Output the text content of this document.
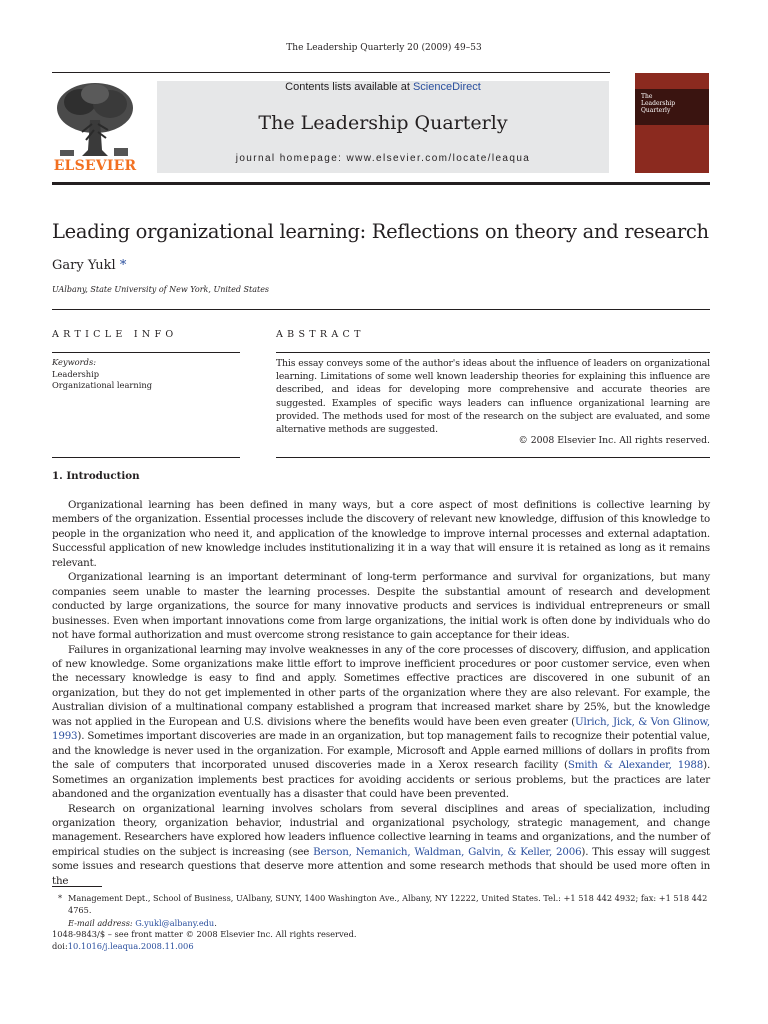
The Leadership Quarterly 20 (2009) 49–53
ELSEVIER
Contents lists available at ScienceDirect
The Leadership Quarterly
journal homepage: www.elsevier.com/locate/leaqua
The
Leadership
Quarterly
Leading organizational learning: Reflections on theory and research
Gary Yukl *
UAlbany, State University of New York, United States
ARTICLE INFO	ABSTRACT
Keywords:
Leadership
Organizational learning
This essay conveys some of the author's ideas about the influence of leaders on organizational learning. Limitations of some well known leadership theories for explaining this influence are described, and ideas for developing more comprehensive and accurate theories are suggested. Examples of specific ways leaders can influence organizational learning are provided. The methods used for most of the research on the subject are evaluated, and some alternative methods are suggested.
© 2008 Elsevier Inc. All rights reserved.
1. Introduction

Organizational learning has been defined in many ways, but a core aspect of most definitions is collective learning by members of the organization. Essential processes include the discovery of relevant new knowledge, diffusion of this knowledge to people in the organization who need it, and application of the knowledge to improve internal processes and external adaptation. Successful application of new knowledge includes institutionalizing it in a way that will ensure it is retained as long as it remains relevant.

Organizational learning is an important determinant of long-term performance and survival for organizations, but many companies seem unable to master the learning processes. Despite the substantial amount of research and development conducted by large organizations, the source for many innovative products and services is individual entrepreneurs or small businesses. Even when important innovations come from large organizations, the initial work is often done by individuals who do not have formal authorization and must overcome strong resistance to gain acceptance for their ideas.

Failures in organizational learning may involve weaknesses in any of the core processes of discovery, diffusion, and application of new knowledge. Some organizations make little effort to improve inefficient procedures or poor customer service, even when the necessary knowledge is easy to find and apply. Sometimes effective practices are discovered in one subunit of an organization, but they do not get implemented in other parts of the organization where they are also relevant. For example, the Australian division of a multinational company established a program that increased market share by 25%, but the knowledge was not applied in the European and U.S. divisions where the benefits would have been even greater (Ulrich, Jick, & Von Glinow, 1993). Sometimes important discoveries are made in an organization, but top management fails to recognize their potential value, and the knowledge is never used in the organization. For example, Microsoft and Apple earned millions of dollars in profits from the sale of computers that incorporated unused discoveries made in a Xerox research facility (Smith & Alexander, 1988). Sometimes an organization implements best practices for avoiding accidents or serious problems, but the practices are later abandoned and the organization eventually has a disaster that could have been prevented.

Research on organizational learning involves scholars from several disciplines and areas of specialization, including organization theory, organization behavior, industrial and organizational psychology, strategic management, and change management. Researchers have explored how leaders influence collective learning in teams and organizations, and the number of empirical studies on the subject is increasing (see Berson, Nemanich, Waldman, Galvin, & Keller, 2006). This essay will suggest some issues and research questions that deserve more attention and some research methods that should be used more often in the

* Management Dept., School of Business, UAlbany, SUNY, 1400 Washington Ave., Albany, NY 12222, United States. Tel.: +1 518 442 4932; fax: +1 518 442 4765.
E-mail address: G.yukl@albany.edu.
1048-9843/$ – see front matter © 2008 Elsevier Inc. All rights reserved.
doi:10.1016/j.leaqua.2008.11.006
